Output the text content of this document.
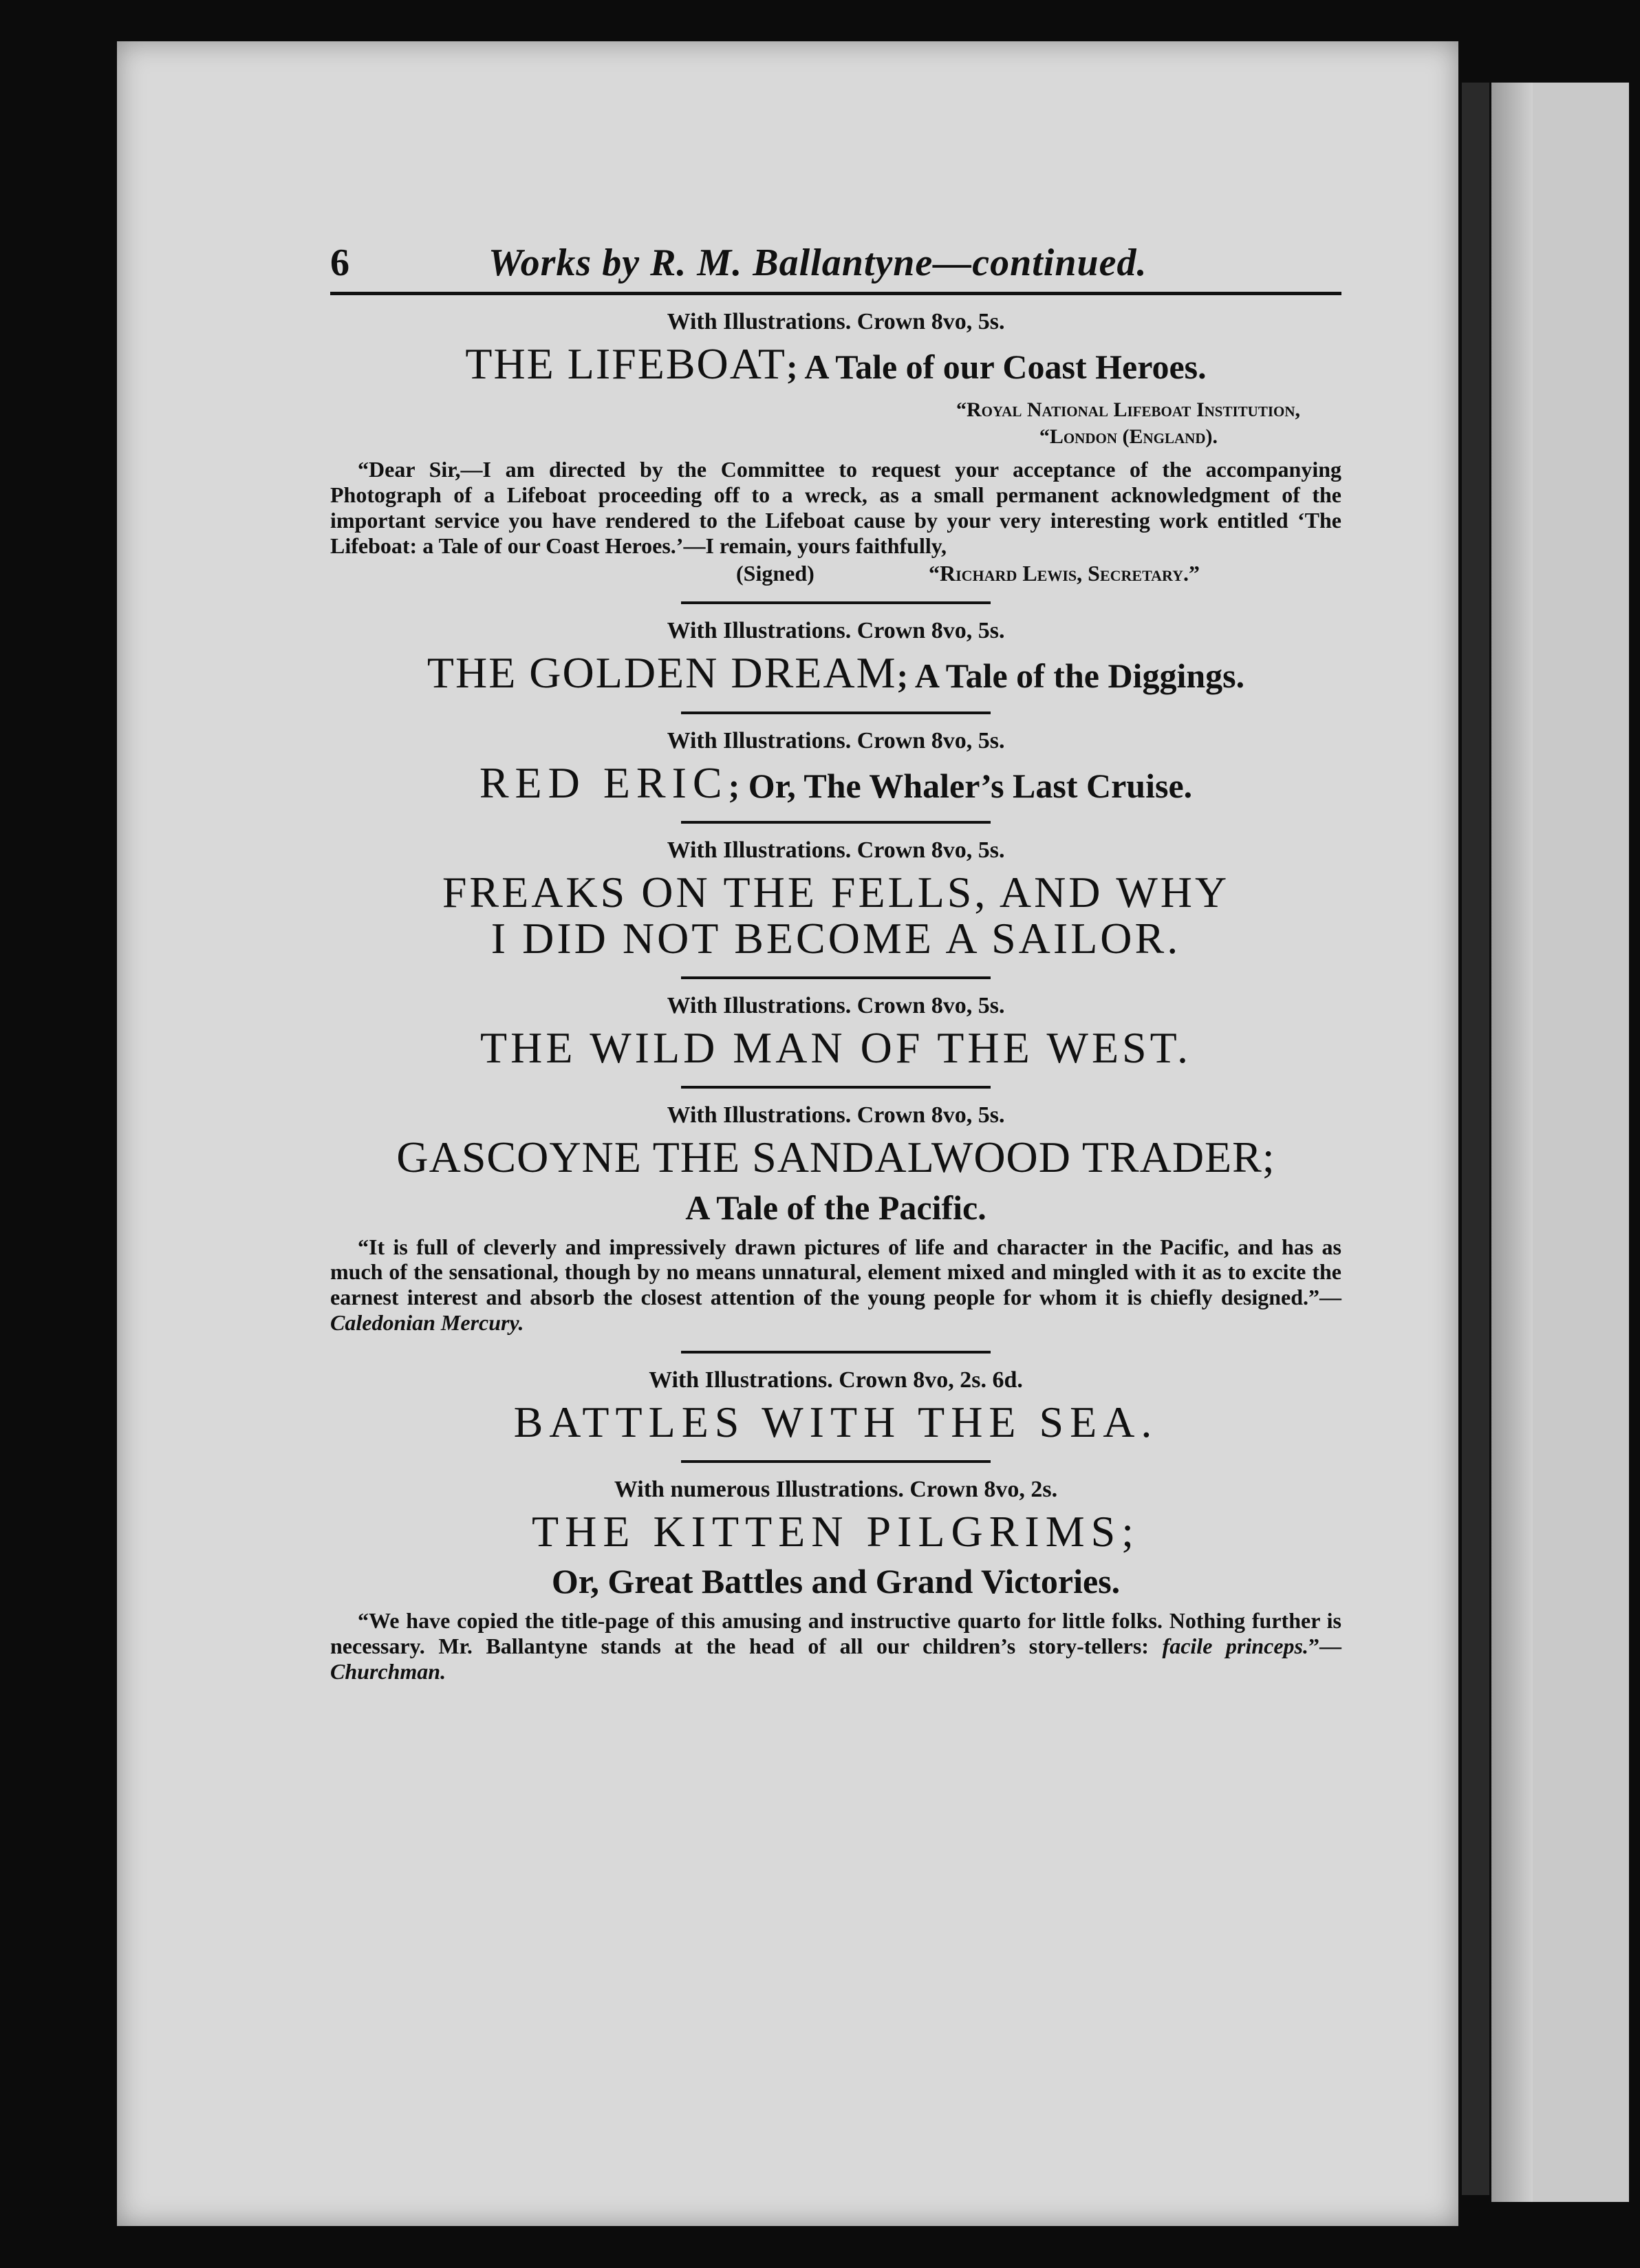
6	Works by R. M. Ballantyne—continued.
With Illustrations. Crown 8vo, 5s.
THE LIFEBOAT; A Tale of our Coast Heroes.
“Royal National Lifeboat Institution,
“London (England).
“Dear Sir,—I am directed by the Committee to request your acceptance of the accompanying Photograph of a Lifeboat proceeding off to a wreck, as a small permanent acknowledgment of the important service you have rendered to the Lifeboat cause by your very interesting work entitled ‘The Lifeboat: a Tale of our Coast Heroes.’—I remain, yours faithfully,
(Signed)	“Richard Lewis, Secretary.”
With Illustrations. Crown 8vo, 5s.
THE GOLDEN DREAM; A Tale of the Diggings.
With Illustrations. Crown 8vo, 5s.
RED ERIC; Or, The Whaler’s Last Cruise.
With Illustrations. Crown 8vo, 5s.
FREAKS ON THE FELLS, AND WHY
I DID NOT BECOME A SAILOR.
With Illustrations. Crown 8vo, 5s.
THE WILD MAN OF THE WEST.
With Illustrations. Crown 8vo, 5s.
GASCOYNE THE SANDALWOOD TRADER;
A Tale of the Pacific.
“It is full of cleverly and impressively drawn pictures of life and character in the Pacific, and has as much of the sensational, though by no means unnatural, element mixed and mingled with it as to excite the earnest interest and absorb the closest attention of the young people for whom it is chiefly designed.”— Caledonian Mercury.
With Illustrations. Crown 8vo, 2s. 6d.
BATTLES WITH THE SEA.
With numerous Illustrations. Crown 8vo, 2s.
THE KITTEN PILGRIMS;
Or, Great Battles and Grand Victories.
“We have copied the title-page of this amusing and instructive quarto for little folks. Nothing further is necessary. Mr. Ballantyne stands at the head of all our children’s story-tellers: facile princeps.”—Churchman.
